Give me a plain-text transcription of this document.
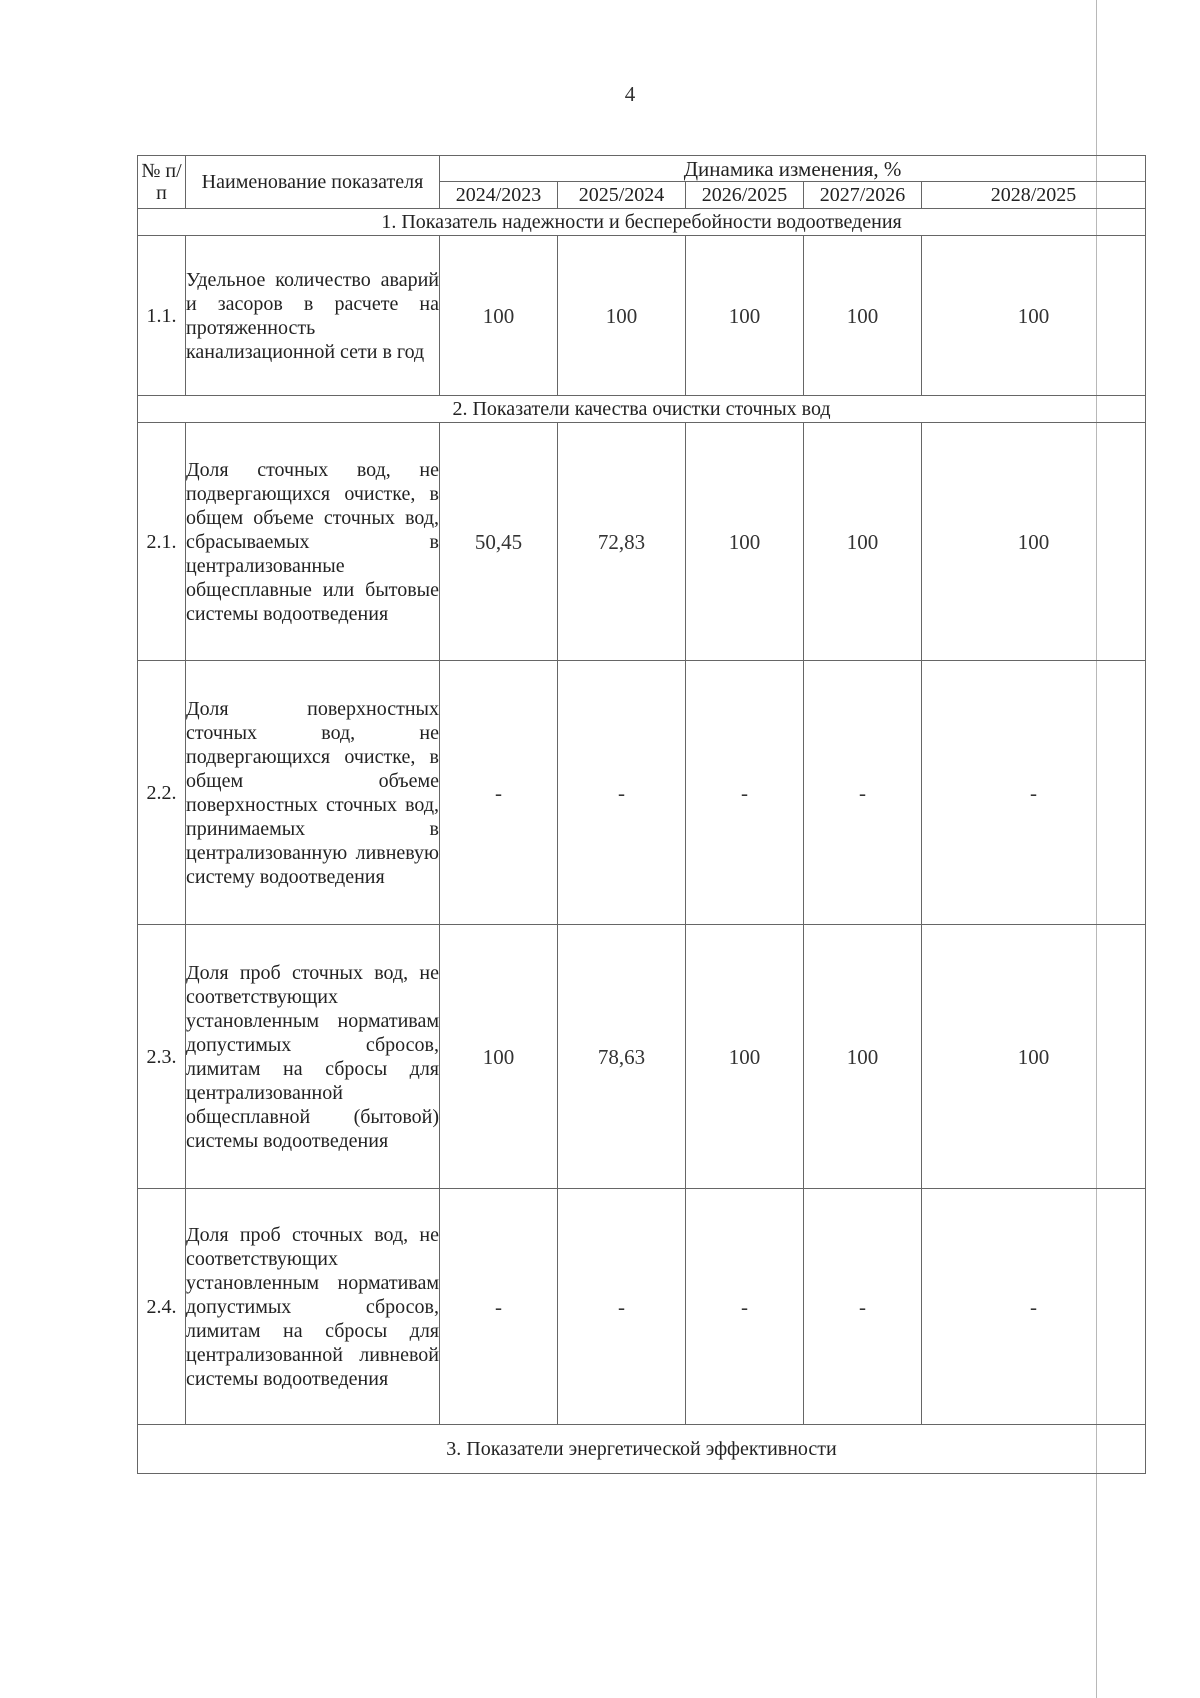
4
№ п/п	Наименование показателя	Динамика изменения, %				
		2024/2023	2025/2024	2026/2025	2027/2026	2028/2025
1. Показатель надежности и бесперебойности водоотведения						
1.1.	Удельное количество аварий и засоров в расчете на протяженность канализационной сети в год	100	100	100	100	100
2. Показатели качества очистки сточных вод						
2.1.	Доля сточных вод, не подвергающихся очистке, в общем объеме сточных вод, сбрасываемых в централизованные общесплавные или бытовые системы водоотведения	50,45	72,83	100	100	100
2.2.	Доля поверхностных сточных вод, не подвергающихся очистке, в общем объеме поверхностных сточных вод, принимаемых в централизованную ливневую систему водоотведения	-	-	-	-	-
2.3.	Доля проб сточных вод, не соответствующих установленным нормативам допустимых сбросов, лимитам на сбросы для централизованной общесплавной (бытовой) системы водоотведения	100	78,63	100	100	100
2.4.	Доля проб сточных вод, не соответствующих установленным нормативам допустимых сбросов, лимитам на сбросы для централизованной ливневой системы водоотведения	-	-	-	-	-
3. Показатели энергетической эффективности						
